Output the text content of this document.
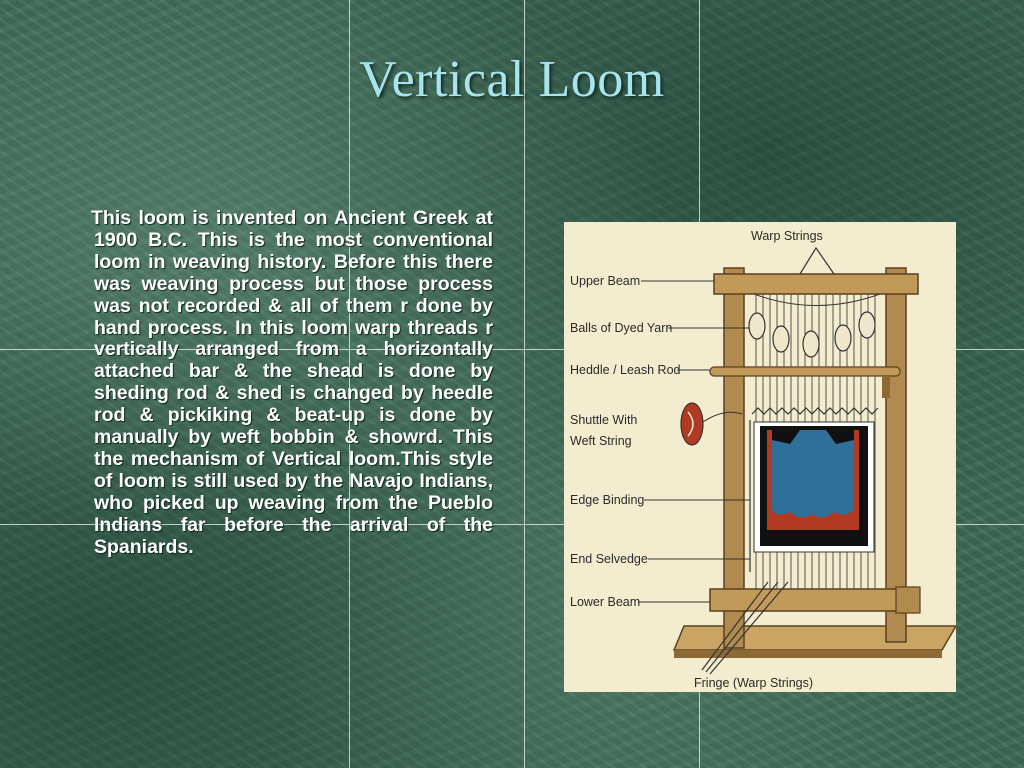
Vertical Loom
This loom is invented on Ancient Greek at 1900 B.C. This is the most conventional loom in weaving history. Before this there was weaving process but those process was not recorded & all of them r done by hand process. In this loom warp threads r vertically arranged from a horizontally attached bar & the shead is done by sheding rod & shed is changed by heedle rod & pickiking & beat-up is done by manually by weft bobbin & showrd. This the mechanism of Vertical loom.This style of loom is still used by the Navajo Indians, who picked up weaving from the Pueblo Indians far before the arrival of the Spaniards.
Warp Strings
Upper Beam
Balls of Dyed Yarn
Heddle / Leash Rod
Shuttle With
Weft String
Edge Binding
End Selvedge
Lower Beam
Fringe (Warp Strings)
